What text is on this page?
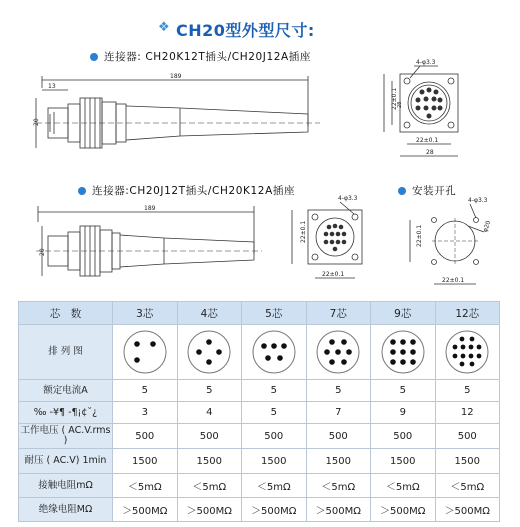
❖ CH20型外型尺寸:
连接器: CH20K12T插头/CH20J12A插座
连接器:CH20J12T插头/CH20K12A插座	安装开孔
189
13
20
4-φ3.3
22±0.1 28
22±0.1
28
189
20
4-φ3.3
22±0.1
22±0.1
4-φ3.3
φ20
22±0.1
22±0.1
芯　数	3芯	4芯	5芯	7芯	9芯	12芯
排 列 图	

额定电流A	5	5	5	5	5	5
‰ -¥¶ -¶¡¢˘¿	3	4	5	7	9	12
工作电压 ( AC.V.rms )	500	500	500	500	500	500
耐压 ( AC.V) 1min	1500	1500	1500	1500	1500	1500
接触电阻mΩ	＜5mΩ	＜5mΩ	＜5mΩ	＜5mΩ	＜5mΩ	＜5mΩ
绝缘电阻MΩ	＞500MΩ	＞500MΩ	＞500MΩ	＞500MΩ	＞500MΩ	＞500MΩ
